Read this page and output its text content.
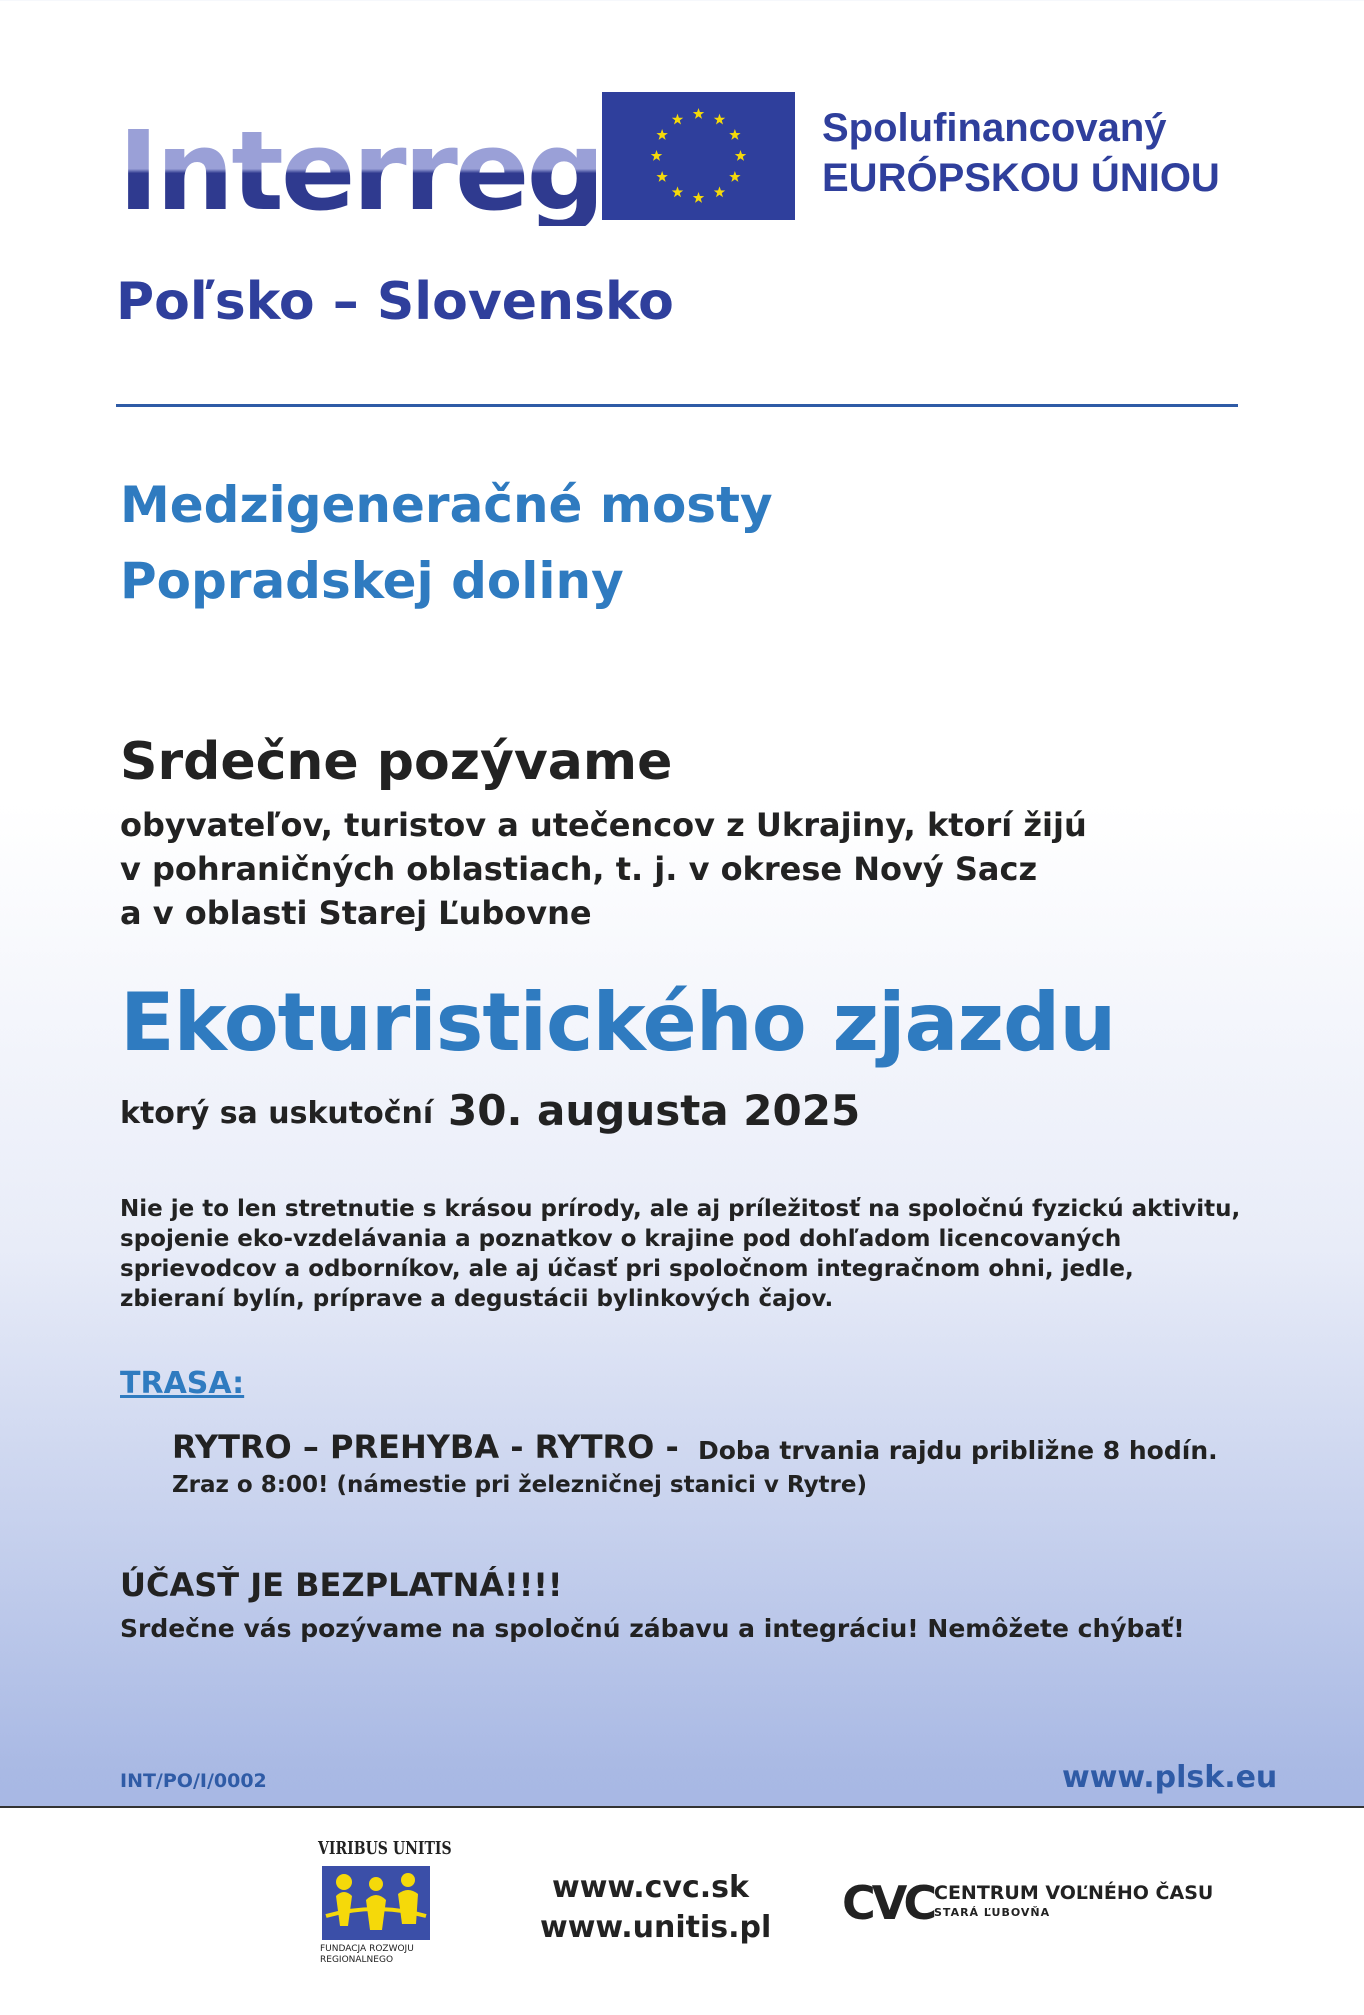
Interreg	Spolufinancovaný
EURÓPSKOU ÚNIOU
Poľsko – Slovensko
Medzigeneračné mosty
Popradskej doliny
Srdečne pozývame
obyvateľov, turistov a utečencov z Ukrajiny, ktorí žijú
v pohraničných oblastiach, t. j. v okrese Nový Sacz
a v oblasti Starej Ľubovne
Ekoturistického zjazdu
ktorý sa uskutoční 30. augusta 2025
Nie je to len stretnutie s krásou prírody, ale aj príležitosť na spoločnú fyzickú aktivitu,
spojenie eko-vzdelávania a poznatkov o krajine pod dohľadom licencovaných
sprievodcov a odborníkov, ale aj účasť pri spoločnom integračnom ohni, jedle,
zbieraní bylín, príprave a degustácii bylinkových čajov.
TRASA:
RYTRO – PREHYBA - RYTRO - Doba trvania rajdu približne 8 hodín.
Zraz o 8:00! (námestie pri železničnej stanici v Rytre)
ÚČASŤ JE BEZPLATNÁ!!!!
Srdečne vás pozývame na spoločnú zábavu a integráciu! Nemôžete chýbať!
INT/PO/I/0002	www.plsk.eu
VIRIBUS UNITIS
FUNDACJA ROZWOJU
REGIONALNEGO
www.cvc.sk
www.unitis.pl CVC CENTRUM VOĽNÉHO ČASU
STARÁ ĽUBOVŇA
